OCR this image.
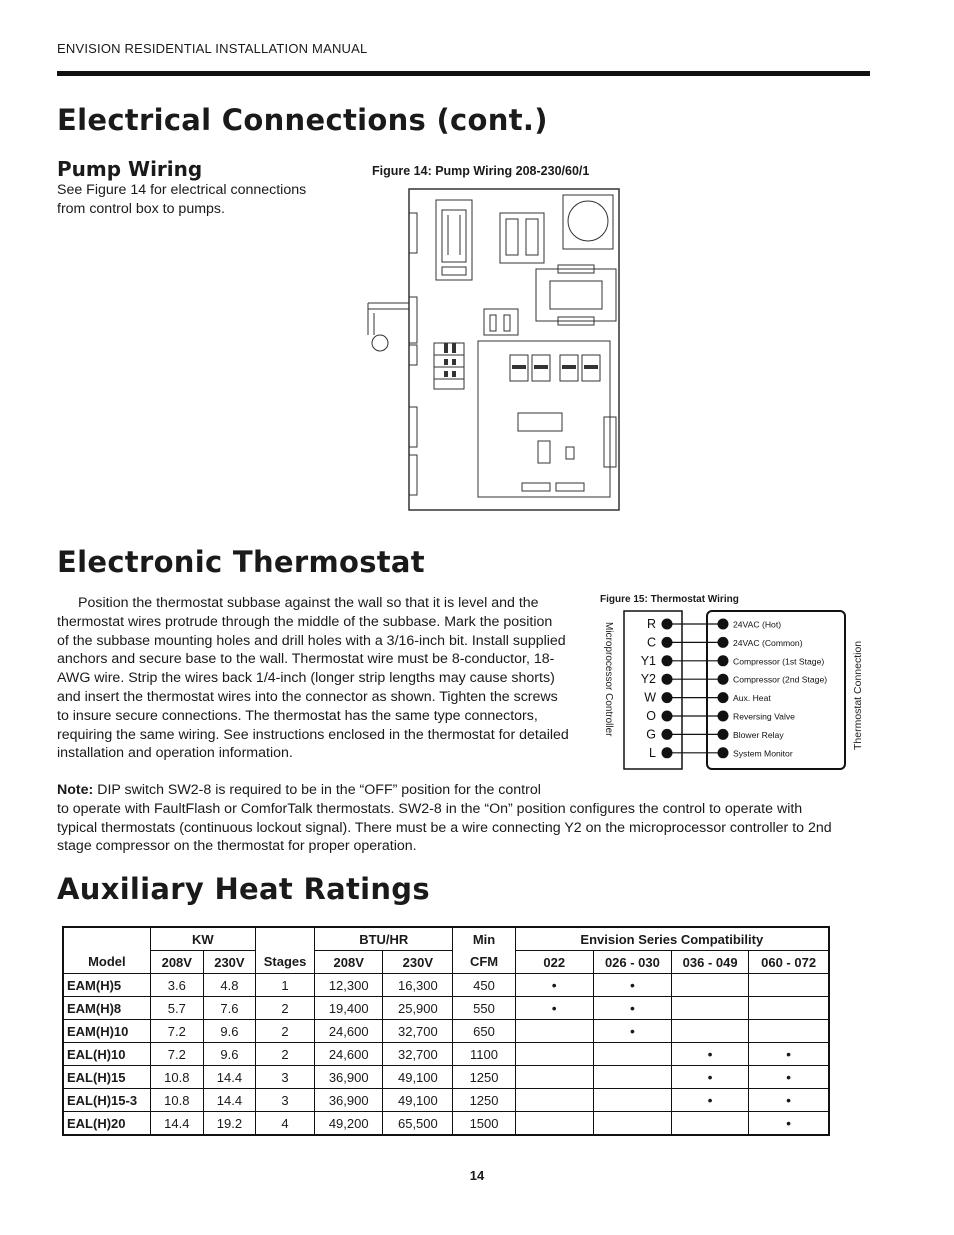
ENVISION RESIDENTIAL INSTALLATION MANUAL
Electrical Connections (cont.)
Pump Wiring
See Figure 14 for electrical connections
from control box to pumps.
Figure 14: Pump Wiring 208-230/60/1
Electronic Thermostat
Position the thermostat subbase against the wall so that it is level and the
thermostat wires protrude through the middle of the subbase. Mark the position
of the subbase mounting holes and drill holes with a 3/16-inch bit. Install supplied
anchors and secure base to the wall. Thermostat wire must be 8-conductor, 18-
AWG wire. Strip the wires back 1/4-inch (longer strip lengths may cause shorts)
and insert the thermostat wires into the connector as shown. Tighten the screws
to insure secure connections. The thermostat has the same type connectors,
requiring the same wiring. See instructions enclosed in the thermostat for detailed
installation and operation information.
Note: DIP switch SW2-8 is required to be in the “OFF” position for the control
to operate with FaultFlash or ComforTalk thermostats. SW2-8 in the “On” position configures the control to operate with
typical thermostats (continuous lockout signal). There must be a wire connecting Y2 on the microprocessor controller to 2nd
stage compressor on the thermostat for proper operation.
Figure 15: Thermostat Wiring
Microprocessor Controller	Thermostat Connection
R	24VAC (Hot)
C	24VAC (Common)
Y1	Compressor (1st Stage)
Y2	Compressor (2nd Stage)
W	Aux. Heat
O	Reversing Valve
G	Blower Relay
L	System Monitor
Auxiliary Heat Ratings
	KW			BTU/HR		Min	Envision Series Compatibility			
Model	208V	230V	Stages	208V	230V	CFM	022	026 - 030	036 - 049	060 - 072
EAM(H)5	3.6	4.8	1	12,300	16,300	450	•	•		
EAM(H)8	5.7	7.6	2	19,400	25,900	550	•	•		
EAM(H)10	7.2	9.6	2	24,600	32,700	650		•		
EAL(H)10	7.2	9.6	2	24,600	32,700	1100			•	•
EAL(H)15	10.8	14.4	3	36,900	49,100	1250			•	•
EAL(H)15-3	10.8	14.4	3	36,900	49,100	1250			•	•
EAL(H)20	14.4	19.2	4	49,200	65,500	1500				•
14
